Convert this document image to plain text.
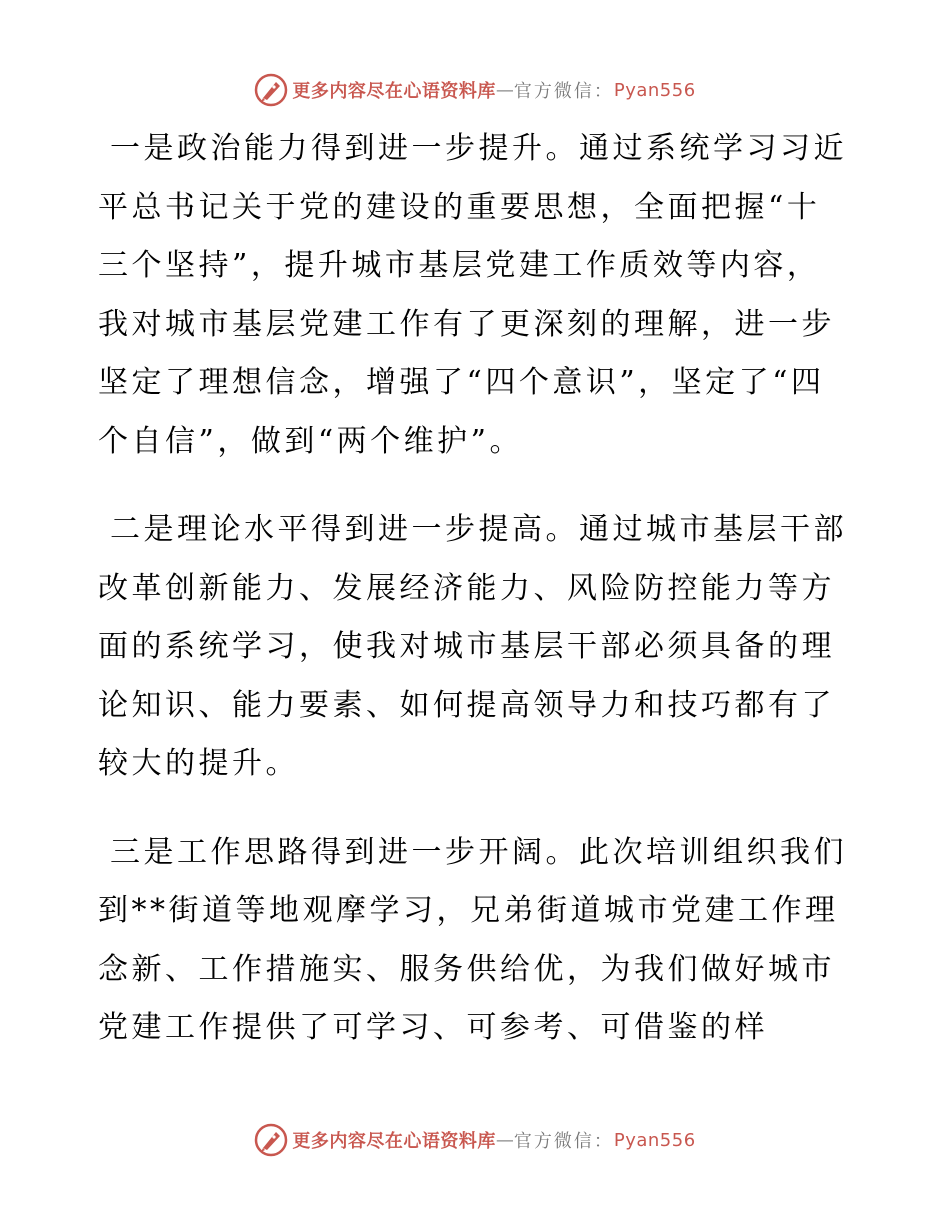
更多内容尽在心语资料库 — 官方微信： Pyan556

一是政治能力得到进一步提升。通过系统学习习近平总书记关于党的建设的重要思想，全面把握“十三个坚持”，提升城市基层党建工作质效等内容，我对城市基层党建工作有了更深刻的理解，进一步坚定了理想信念，增强了“四个意识”，坚定了“四个自信”，做到“两个维护”。

二是理论水平得到进一步提高。通过城市基层干部改革创新能力、发展经济能力、风险防控能力等方面的系统学习，使我对城市基层干部必须具备的理论知识、能力要素、如何提高领导力和技巧都有了较大的提升。

三是工作思路得到进一步开阔。此次培训组织我们到**街道等地观摩学习，兄弟街道城市党建工作理念新、工作措施实、服务供给优，为我们做好城市党建工作提供了可学习、可参考、可借鉴的样

更多内容尽在心语资料库 — 官方微信： Pyan556
